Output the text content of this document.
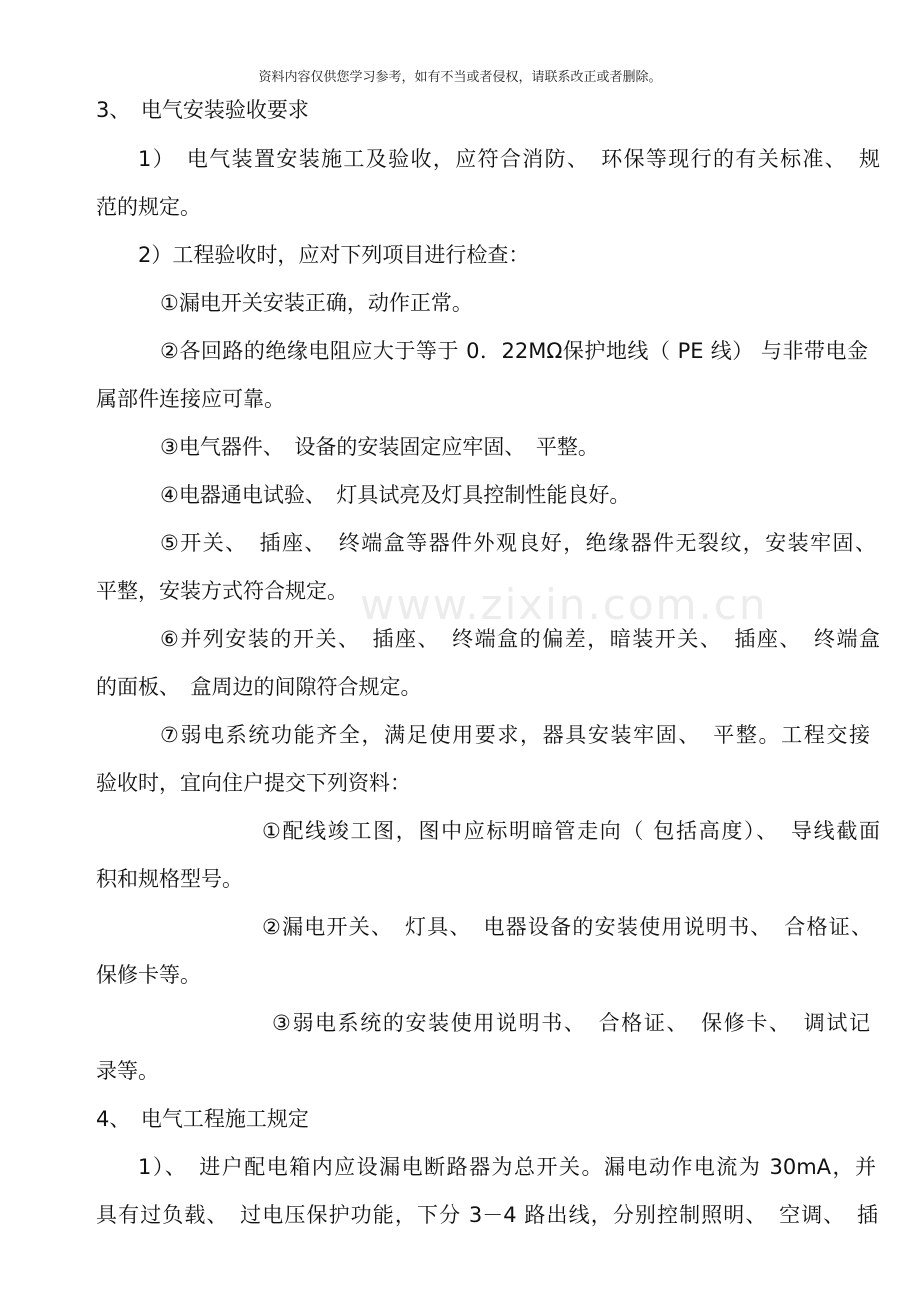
资料内容仅供您学习参考，如有不当或者侵权，请联系改正或者删除。
www.zixin.com.cn
3、　电气安装验收要求
1）　电气装置安装施工及验收，应符合消防、　环保等现行的有关标准、　规
范的规定。
2）工程验收时，应对下列项目进行检查：
①漏电开关安装正确，动作正常。
②各回路的绝缘电阻应大于等于 0．22MΩ保护地线（ PE 线） 与非带电金
属部件连接应可靠。
③电气器件、　设备的安装固定应牢固、　平整。
④电器通电试验、　灯具试亮及灯具控制性能良好。
⑤开关、　插座、　终端盒等器件外观良好，绝缘器件无裂纹，安装牢固、
平整，安装方式符合规定。
⑥并列安装的开关、　插座、　终端盒的偏差，暗装开关、　插座、　终端盒
的面板、　盒周边的间隙符合规定。
⑦弱电系统功能齐全，满足使用要求，器具安装牢固、　平整。工程交接
验收时，宜向住户提交下列资料：
①配线竣工图，图中应标明暗管走向（ 包括高度）、　导线截面
积和规格型号。
②漏电开关、　灯具、　电器设备的安装使用说明书、　合格证、
保修卡等。
③弱电系统的安装使用说明书、　合格证、　保修卡、　调试记
录等。
4、　电气工程施工规定
1）、　进户配电箱内应设漏电断路器为总开关。漏电动作电流为 30mA，并
具有过负载、　过电压保护功能，下分 3－4 路出线，分别控制照明、　空调、　插
